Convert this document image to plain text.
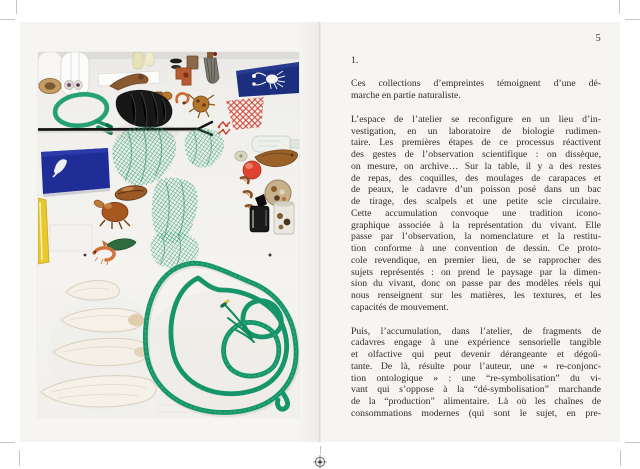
5
1.
Ces collections d’empreintes témoignent d’une dé-
marche en partie naturaliste.
L’espace de l’atelier se reconfigure en un lieu d’in-
vestigation, en un laboratoire de biologie rudimen-
taire. Les premières étapes de ce processus réactivent
des gestes de l’observation scientifique : on dissèque,
on mesure, on archive… Sur la table, il y a des restes
de repas, des coquilles, des moulages de carapaces et
de peaux, le cadavre d’un poisson posé dans un bac
de tirage, des scalpels et une petite scie circulaire.
Cette accumulation convoque une tradition icono-
graphique associée à la représentation du vivant. Elle
passe par l’observation, la nomenclature et la restitu-
tion conforme à une convention de dessin. Ce proto-
cole revendique, en premier lieu, de se rapprocher des
sujets représentés : on prend le paysage par la dimen-
sion du vivant, donc on passe par des modèles réels qui
nous renseignent sur les matières, les textures, et les
capacités de mouvement.
Puis, l’accumulation, dans l’atelier, de fragments de
cadavres engage à une expérience sensorielle tangible
et olfactive qui peut devenir dérangeante et dégoû-
tante. De là, résulte pour l’auteur, une « re-conjonc-
tion ontologique » : une “re-symbolisation” du vi-
vant qui s’oppose à la “dé-symbolisation” marchande
de la “production” alimentaire. Là où les chaînes de
consommations modernes (qui sont le sujet, en pre-
